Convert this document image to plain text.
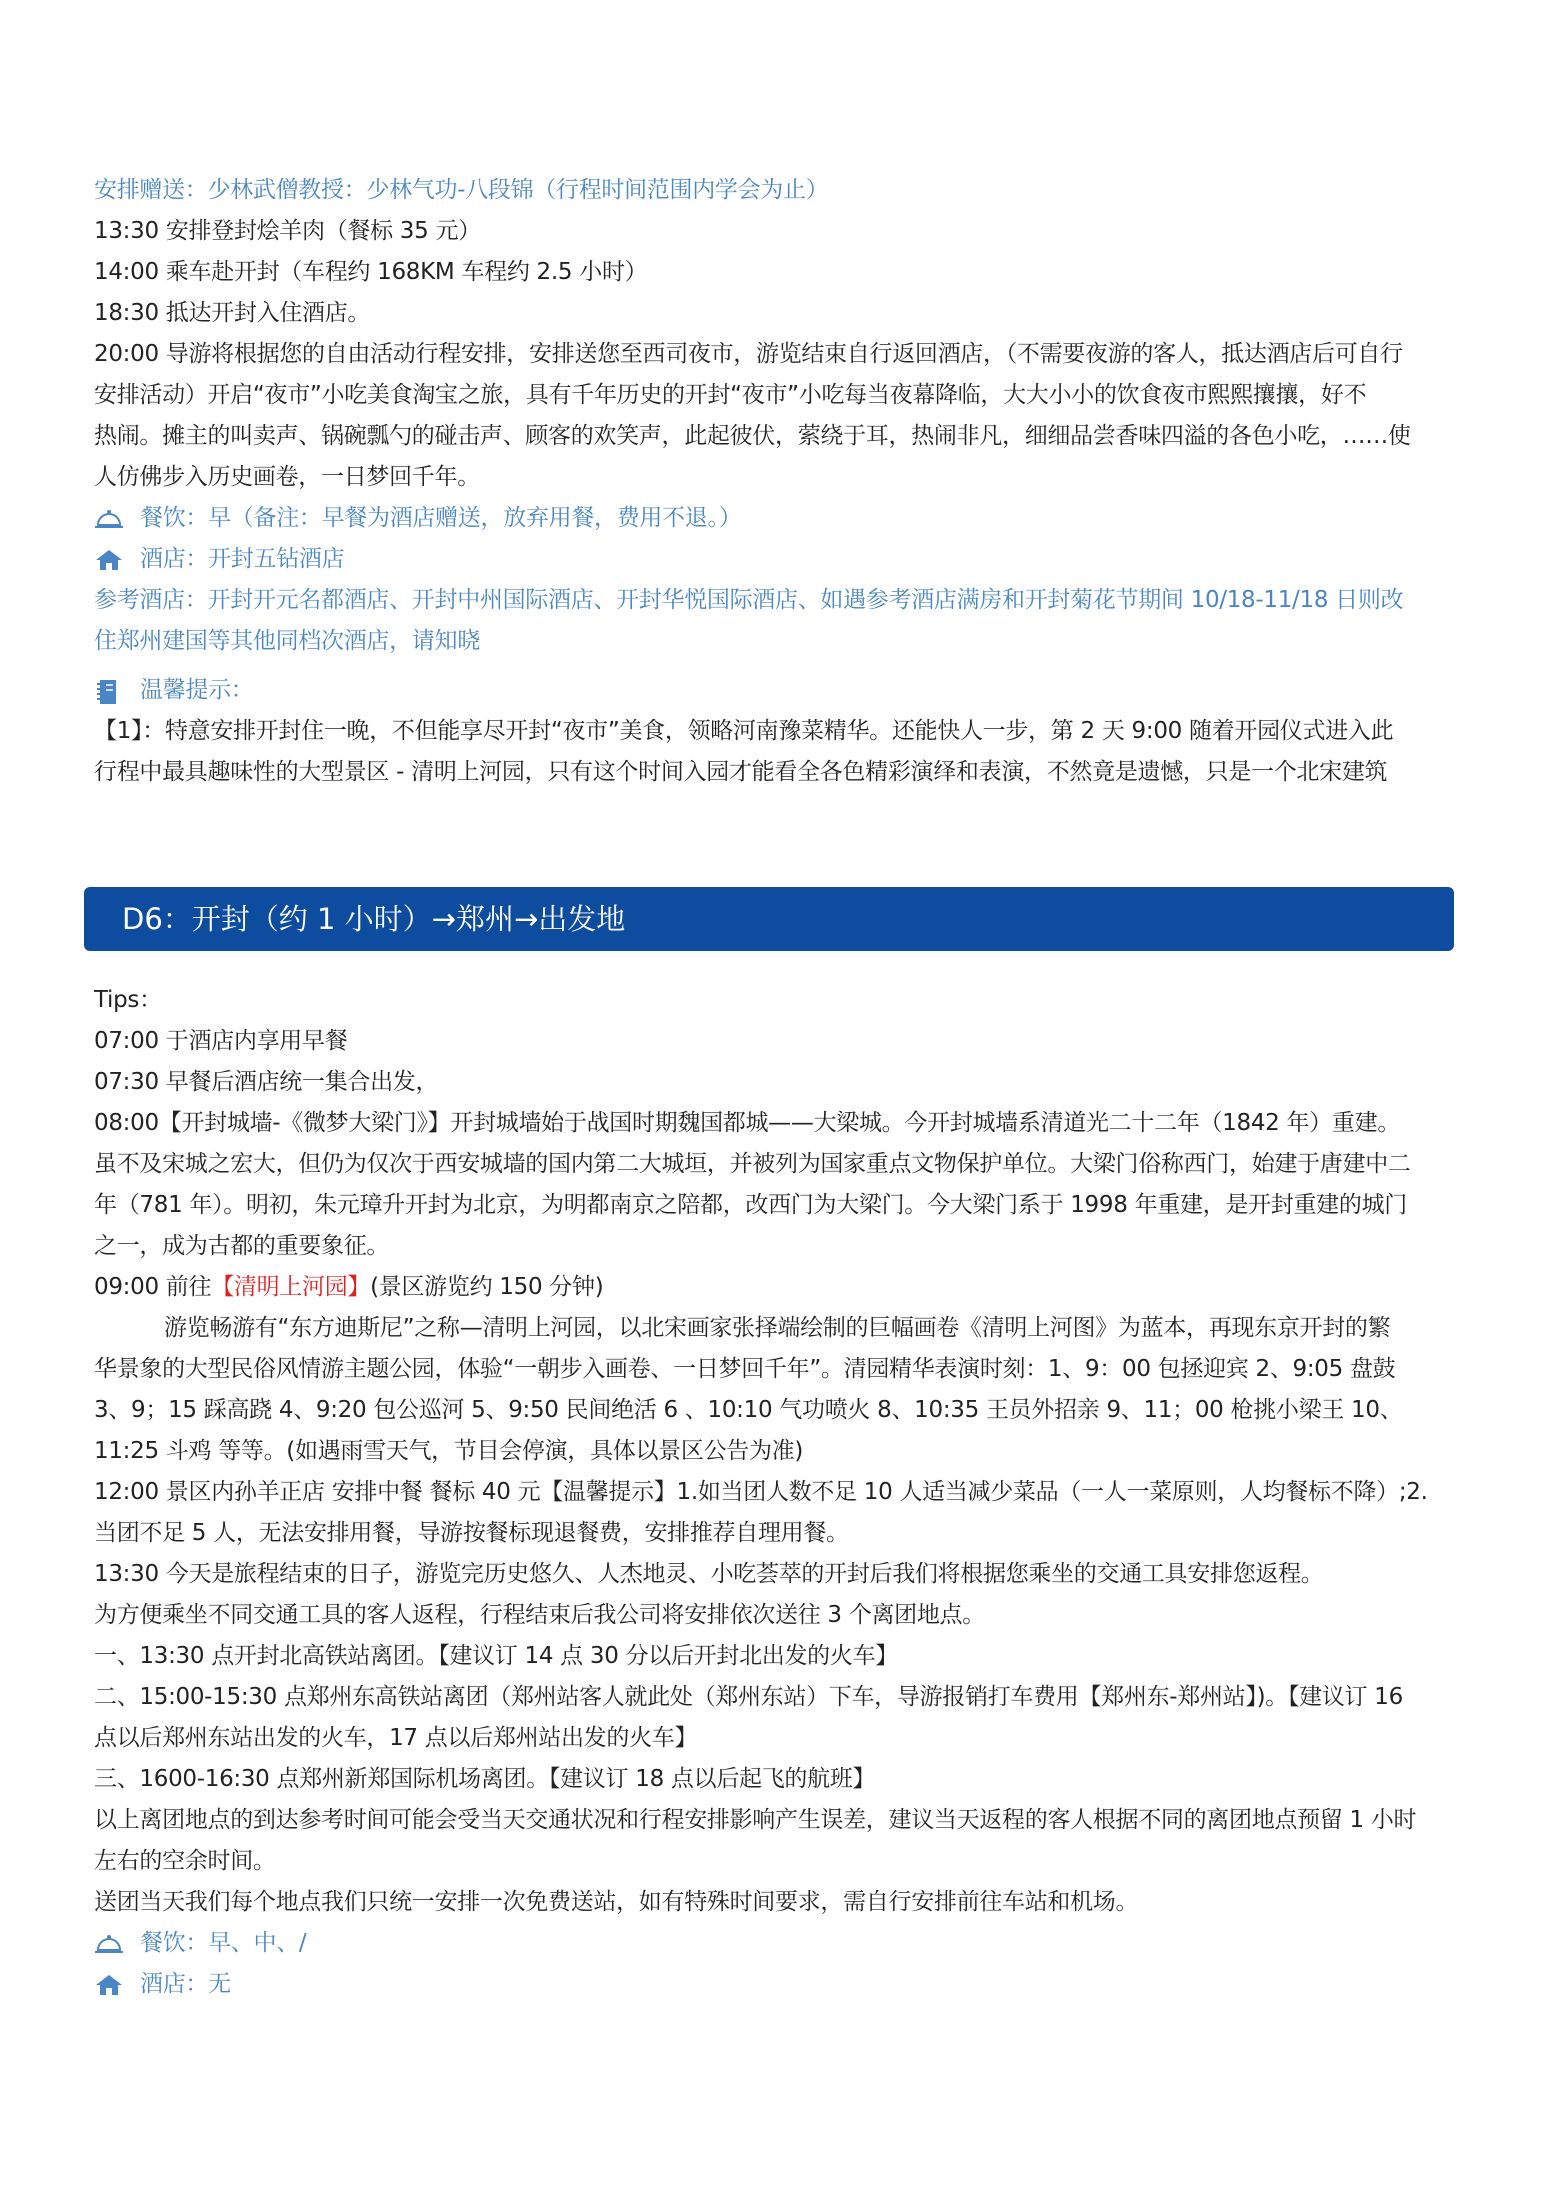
安排赠送：少林武僧教授：少林气功-八段锦（行程时间范围内学会为止）
13:30 安排登封烩羊肉（餐标 35 元）
14:00 乘车赴开封（车程约 168KM 车程约 2.5 小时）
18:30 抵达开封入住酒店。
20:00 导游将根据您的自由活动行程安排，安排送您至西司夜市，游览结束自行返回酒店，（不需要夜游的客人，抵达酒店后可自行
安排活动）开启“夜市”小吃美食淘宝之旅，具有千年历史的开封“夜市”小吃每当夜幕降临，大大小小的饮食夜市熙熙攘攘，好不
热闹。摊主的叫卖声、锅碗瓢勺的碰击声、顾客的欢笑声，此起彼伏，萦绕于耳，热闹非凡，细细品尝香味四溢的各色小吃，……使
人仿佛步入历史画卷，一日梦回千年。
餐饮：早（备注：早餐为酒店赠送，放弃用餐，费用不退。）
酒店：开封五钻酒店
参考酒店：开封开元名都酒店、开封中州国际酒店、开封华悦国际酒店、如遇参考酒店满房和开封菊花节期间 10/18-11/18 日则改
住郑州建国等其他同档次酒店，请知晓
温馨提示：
【1】：特意安排开封住一晚，不但能享尽开封“夜市”美食，领略河南豫菜精华。还能快人一步，第 2 天 9:00 随着开园仪式进入此
行程中最具趣味性的大型景区 - 清明上河园，只有这个时间入园才能看全各色精彩演绎和表演，不然竟是遗憾，只是一个北宋建筑
D6：开封（约 1 小时）→郑州→出发地
Tips：
07:00 于酒店内享用早餐
07:30 早餐后酒店统一集合出发，
08:00【开封城墙-《微梦大梁门》】开封城墙始于战国时期魏国都城——大梁城。今开封城墙系清道光二十二年（1842 年）重建。
虽不及宋城之宏大，但仍为仅次于西安城墙的国内第二大城垣，并被列为国家重点文物保护单位。大梁门俗称西门，始建于唐建中二
年（781 年）。明初，朱元璋升开封为北京，为明都南京之陪都，改西门为大梁门。今大梁门系于 1998 年重建，是开封重建的城门
之一，成为古都的重要象征。
09:00 前往【清明上河园】(景区游览约 150 分钟)
游览畅游有“东方迪斯尼”之称—清明上河园，以北宋画家张择端绘制的巨幅画卷《清明上河图》为蓝本，再现东京开封的繁
华景象的大型民俗风情游主题公园，体验“一朝步入画卷、一日梦回千年”。清园精华表演时刻：1、9：00 包拯迎宾 2、9:05 盘鼓
3、9；15 踩高跷 4、9:20 包公巡河 5、9:50 民间绝活 6 、10:10 气功喷火 8、10:35 王员外招亲 9、11；00 枪挑小梁王 10、
11:25 斗鸡 等等。(如遇雨雪天气，节目会停演，具体以景区公告为准)
12:00 景区内孙羊正店 安排中餐 餐标 40 元【温馨提示】1.如当团人数不足 10 人适当减少菜品（一人一菜原则，人均餐标不降）;2.
当团不足 5 人，无法安排用餐，导游按餐标现退餐费，安排推荐自理用餐。
13:30 今天是旅程结束的日子，游览完历史悠久、人杰地灵、小吃荟萃的开封后我们将根据您乘坐的交通工具安排您返程。
为方便乘坐不同交通工具的客人返程，行程结束后我公司将安排依次送往 3 个离团地点。
一、13:30 点开封北高铁站离团。【建议订 14 点 30 分以后开封北出发的火车】
二、15:00-15:30 点郑州东高铁站离团（郑州站客人就此处（郑州东站）下车，导游报销打车费用【郑州东-郑州站】)。【建议订 16
点以后郑州东站出发的火车，17 点以后郑州站出发的火车】
三、1600-16:30 点郑州新郑国际机场离团。【建议订 18 点以后起飞的航班】
以上离团地点的到达参考时间可能会受当天交通状况和行程安排影响产生误差，建议当天返程的客人根据不同的离团地点预留 1 小时
左右的空余时间。
送团当天我们每个地点我们只统一安排一次免费送站，如有特殊时间要求，需自行安排前往车站和机场。
餐饮：早、中、/
酒店：无
